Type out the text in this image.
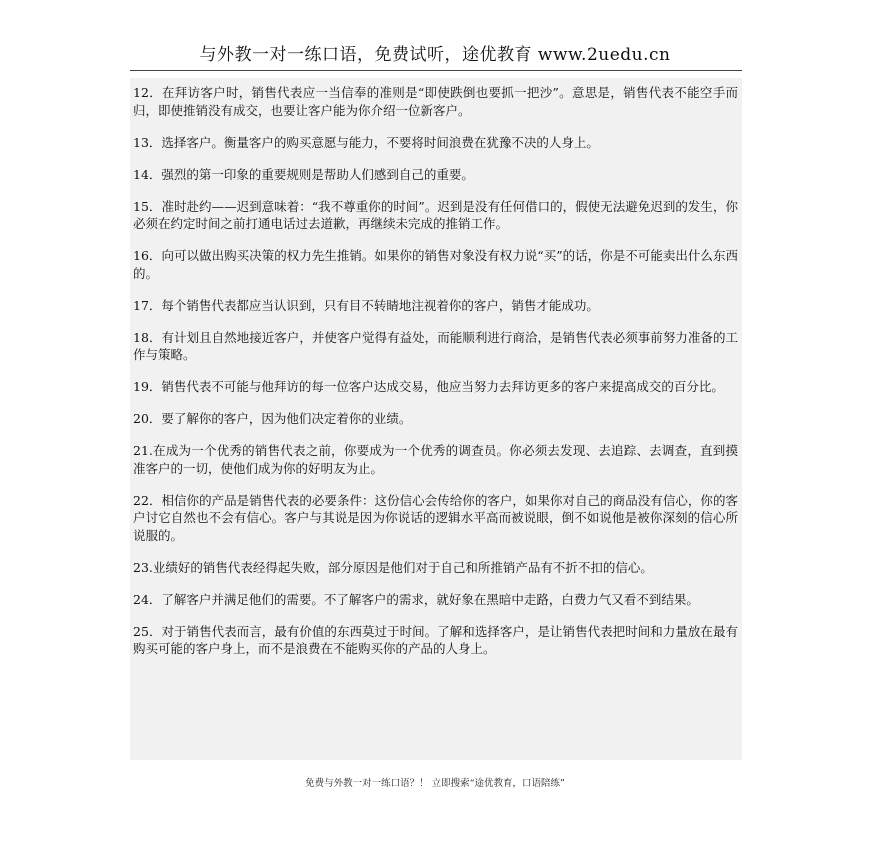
与外教一对一练口语，免费试听，途优教育 www.2uedu.cn

12．在拜访客户时，销售代表应一当信奉的准则是“即使跌倒也要抓一把沙”。意思是，销售代表不能空手而归，即使推销没有成交，也要让客户能为你介绍一位新客户。

13．选择客户。衡量客户的购买意愿与能力，不要将时间浪费在犹豫不决的人身上。

14．强烈的第一印象的重要规则是帮助人们感到自己的重要。

15．准时赴约——迟到意味着：“我不尊重你的时间”。迟到是没有任何借口的，假使无法避免迟到的发生，你必须在约定时间之前打通电话过去道歉，再继续未完成的推销工作。

16．向可以做出购买决策的权力先生推销。如果你的销售对象没有权力说“买”的话，你是不可能卖出什么东西的。

17．每个销售代表都应当认识到，只有目不转睛地注视着你的客户，销售才能成功。

18．有计划且自然地接近客户，并使客户觉得有益处，而能顺利进行商洽，是销售代表必须事前努力准备的工作与策略。

19．销售代表不可能与他拜访的每一位客户达成交易，他应当努力去拜访更多的客户来提高成交的百分比。

20．要了解你的客户，因为他们决定着你的业绩。

21.在成为一个优秀的销售代表之前，你要成为一个优秀的调查员。你必须去发现、去追踪、去调查，直到摸准客户的一切，使他们成为你的好明友为止。

22．相信你的产品是销售代表的必要条件：这份信心会传给你的客户，如果你对自己的商品没有信心，你的客户讨它自然也不会有信心。客户与其说是因为你说话的逻辑水平高而被说眼，倒不如说他是被你深刻的信心所说服的。

23.业绩好的销售代表经得起失败，部分原因是他们对于自己和所推销产品有不折不扣的信心。

24．了解客户并满足他们的需要。不了解客户的需求，就好象在黑暗中走路，白费力气又看不到结果。

25．对于销售代表而言，最有价值的东西莫过于时间。了解和选择客户，是让销售代表把时间和力量放在最有购买可能的客户身上，而不是浪费在不能购买你的产品的人身上。

免费与外教一对一练口语？！ 立即搜索“途优教育，口语陪练”
